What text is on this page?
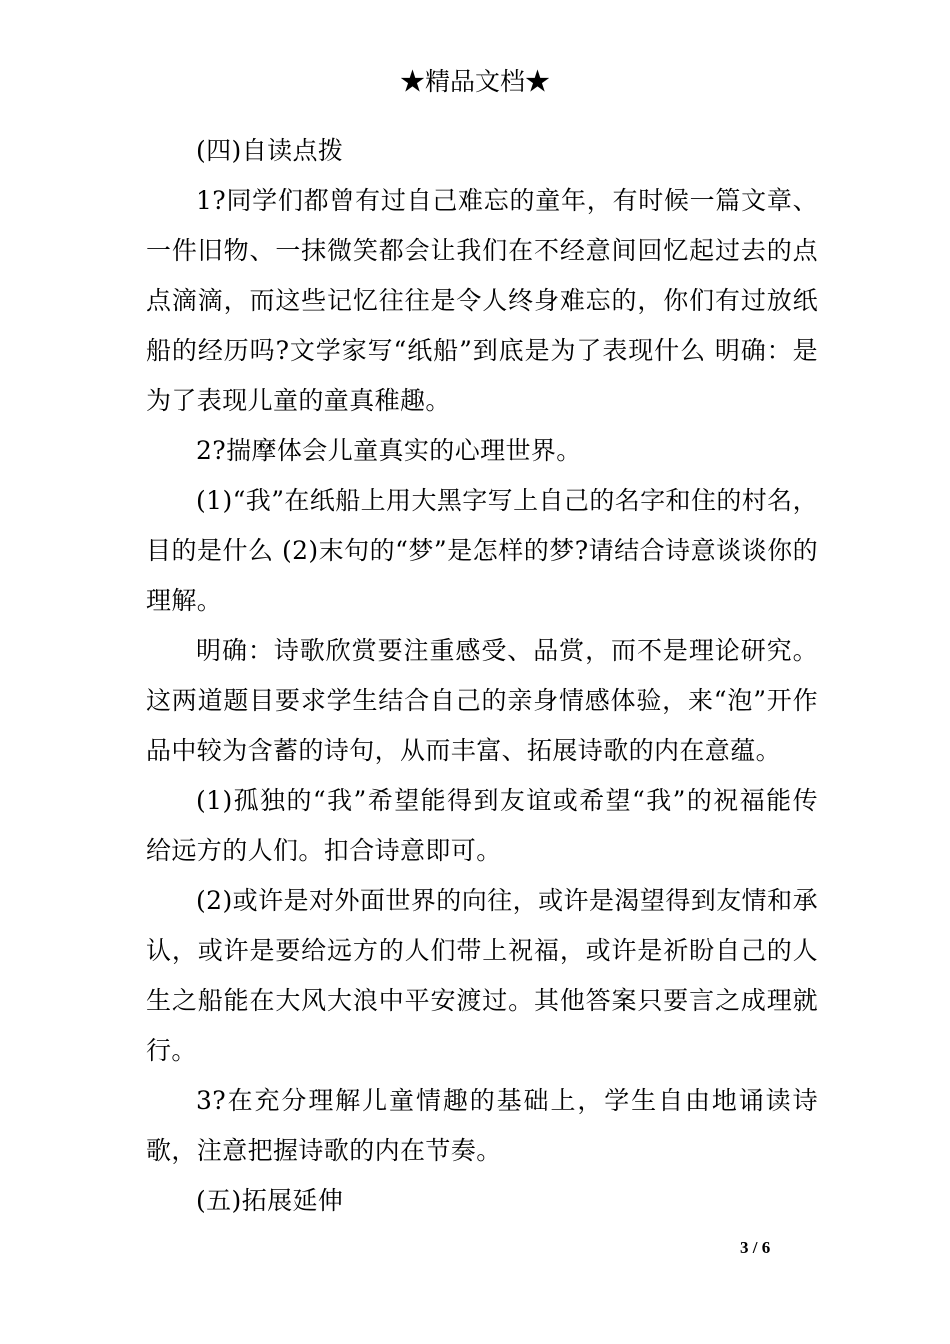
★精品文档★

(四)自读点拨

1?同学们都曾有过自己难忘的童年，有时候一篇文章、一件旧物、一抹微笑都会让我们在不经意间回忆起过去的点点滴滴，而这些记忆往往是令人终身难忘的，你们有过放纸船的经历吗?文学家写“纸船”到底是为了表现什么 明确：是为了表现儿童的童真稚趣。

2?揣摩体会儿童真实的心理世界。

(1)“我”在纸船上用大黑字写上自己的名字和住的村名，目的是什么 (2)末句的“梦”是怎样的梦?请结合诗意谈谈你的理解。

明确：诗歌欣赏要注重感受、品赏，而不是理论研究。这两道题目要求学生结合自己的亲身情感体验，来“泡”开作品中较为含蓄的诗句，从而丰富、拓展诗歌的内在意蕴。

(1)孤独的“我”希望能得到友谊或希望“我”的祝福能传给远方的人们。扣合诗意即可。

(2)或许是对外面世界的向往，或许是渴望得到友情和承认，或许是要给远方的人们带上祝福，或许是祈盼自己的人生之船能在大风大浪中平安渡过。其他答案只要言之成理就行。

3?在充分理解儿童情趣的基础上，学生自由地诵读诗歌，注意把握诗歌的内在节奏。

(五)拓展延伸

3 / 6
